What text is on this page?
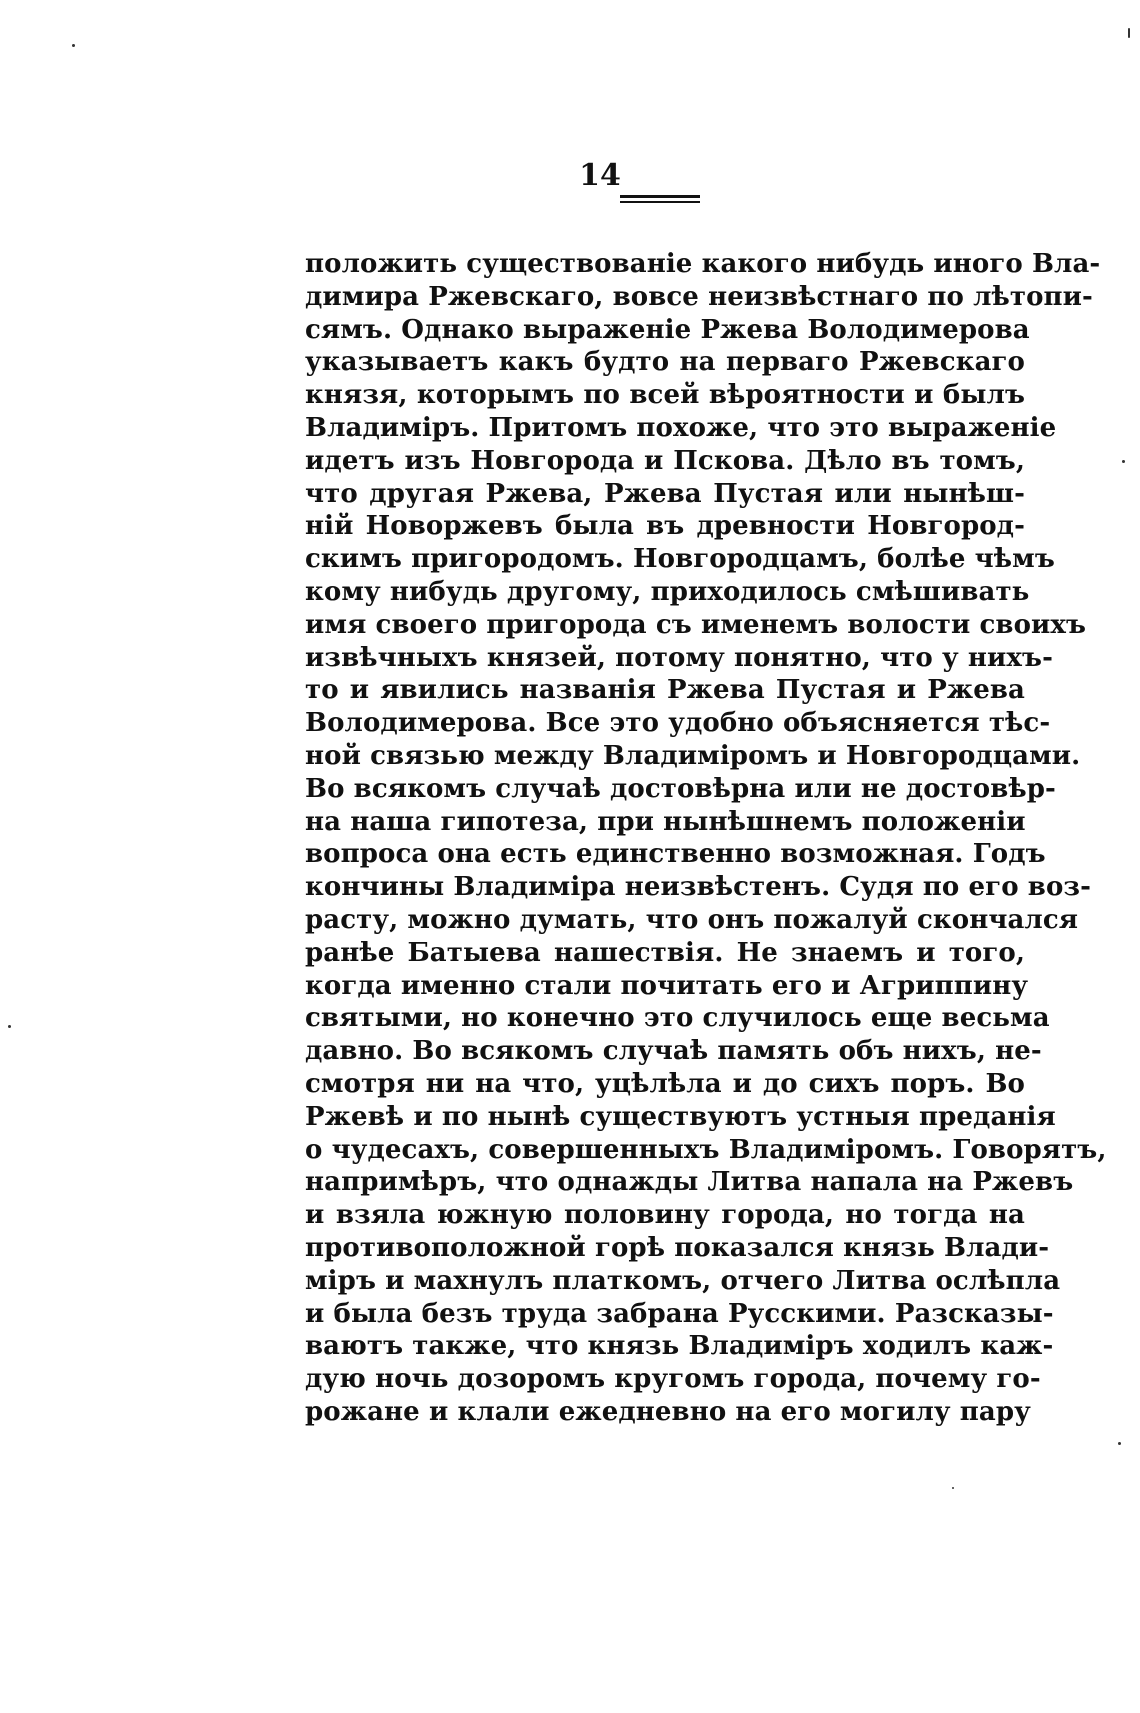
14
положить существованіе какого нибудь иного Вла-
димира Ржевскаго, вовсе неизвѣстнаго по лѣтопи-
сямъ. Однако выраженіе Ржева Володимерова
указываетъ какъ будто на перваго Ржевскаго
князя, которымъ по всей вѣроятности и былъ
Владиміръ. Притомъ похоже, что это выраженіе
идетъ изъ Новгорода и Пскова. Дѣло въ томъ,
что другая Ржева, Ржева Пустая или нынѣш-
ній Новоржевъ была въ древности Новгород-
скимъ пригородомъ. Новгородцамъ, болѣе чѣмъ
кому нибудь другому, приходилось смѣшивать
имя своего пригорода съ именемъ волости своихъ
извѣчныхъ князей, потому понятно, что у нихъ-
то и явились названія Ржева Пустая и Ржева
Володимерова. Все это удобно объясняется тѣс-
ной связью между Владиміромъ и Новгородцами.
Во всякомъ случаѣ достовѣрна или не достовѣр-
на наша гипотеза, при нынѣшнемъ положеніи
вопроса она есть единственно возможная. Годъ
кончины Владиміра неизвѣстенъ. Судя по его воз-
расту, можно думать, что онъ пожалуй скончался
ранѣе Батыева нашествія. Не знаемъ и того,
когда именно стали почитать его и Агриппину
святыми, но конечно это случилось еще весьма
давно. Во всякомъ случаѣ память объ нихъ, не-
смотря ни на что, уцѣлѣла и до сихъ поръ. Во
Ржевѣ и по нынѣ существуютъ устныя преданія
о чудесахъ, совершенныхъ Владиміромъ. Говорятъ,
напримѣръ, что однажды Литва напала на Ржевъ
и взяла южную половину города, но тогда на
противоположной горѣ показался князь Влади-
міръ и махнулъ платкомъ, отчего Литва ослѣпла
и была безъ труда забрана Русскими. Разсказы-
ваютъ также, что князь Владиміръ ходилъ каж-
дую ночь дозоромъ кругомъ города, почему го-
рожане и клали ежедневно на его могилу пару
